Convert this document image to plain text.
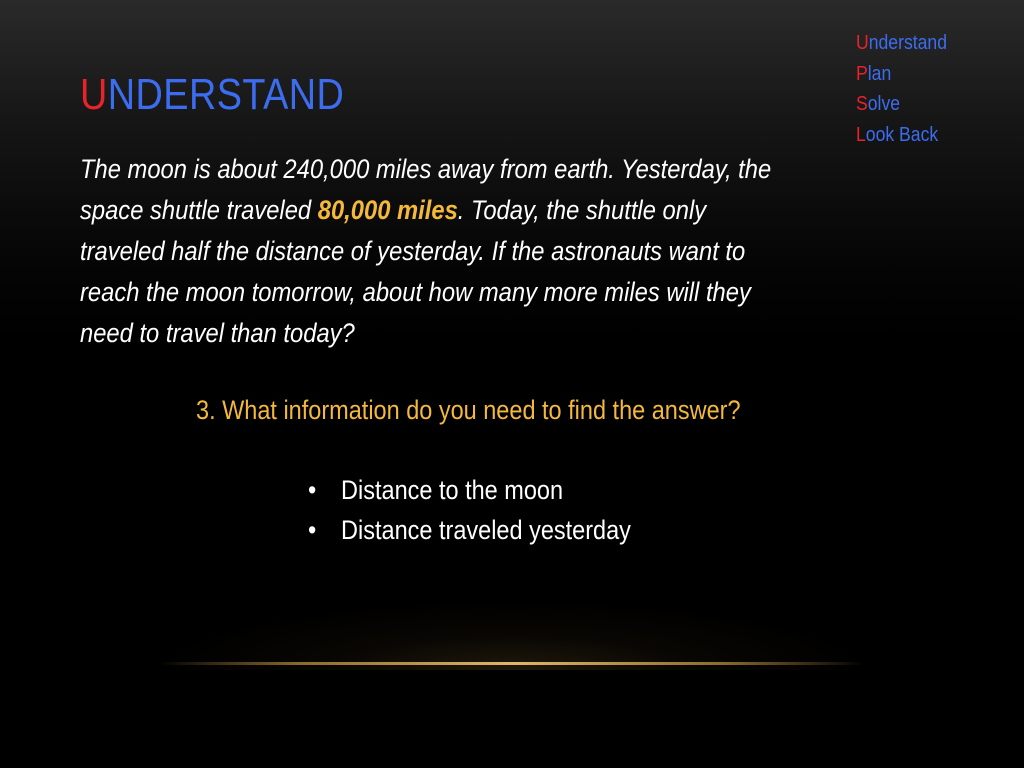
Understand
Plan
Solve
Look Back
UNDERSTAND
The moon is about 240,000 miles away from earth. Yesterday, the
space shuttle traveled 80,000 miles. Today, the shuttle only
traveled half the distance of yesterday. If the astronauts want to
reach the moon tomorrow, about how many more miles will they
need to travel than today?
3. What information do you need to find the answer?
• Distance to the moon
• Distance traveled yesterday
